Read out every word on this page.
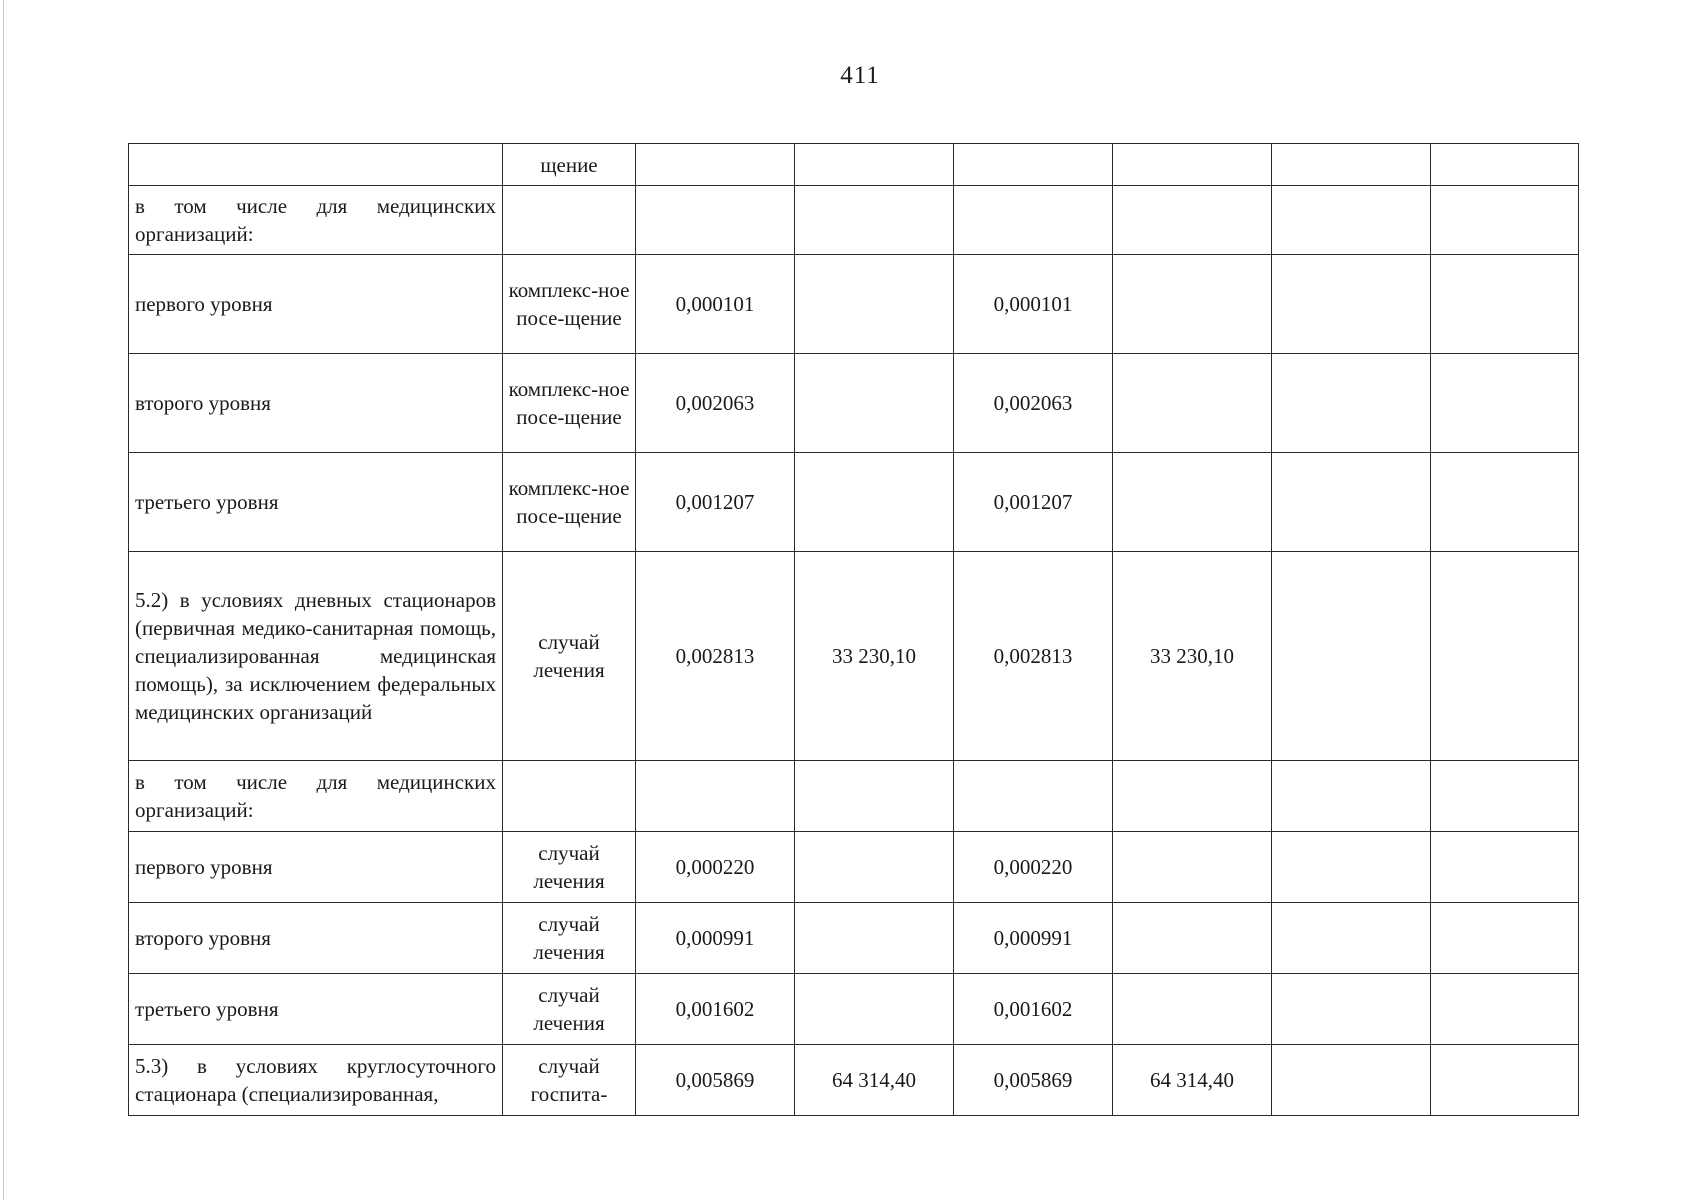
411
	щение						
в том числе для медицинских организаций:							
первого уровня	комплекс-ное посе-щение	0,000101		0,000101			
второго уровня	комплекс-ное посе-щение	0,002063		0,002063			
третьего уровня	комплекс-ное посе-щение	0,001207		0,001207			
5.2) в условиях дневных стационаров (первичная медико-санитарная помощь, специализированная медицинская помощь), за исключением федеральных медицинских организаций	случай лечения	0,002813	33 230,10	0,002813	33 230,10		
в том числе для медицинских организаций:							
первого уровня	случай лечения	0,000220		0,000220			
второго уровня	случай лечения	0,000991		0,000991			
третьего уровня	случай лечения	0,001602		0,001602			
5.3) в условиях круглосуточного стационара (специализированная,	случай госпита-	0,005869	64 314,40	0,005869	64 314,40		
